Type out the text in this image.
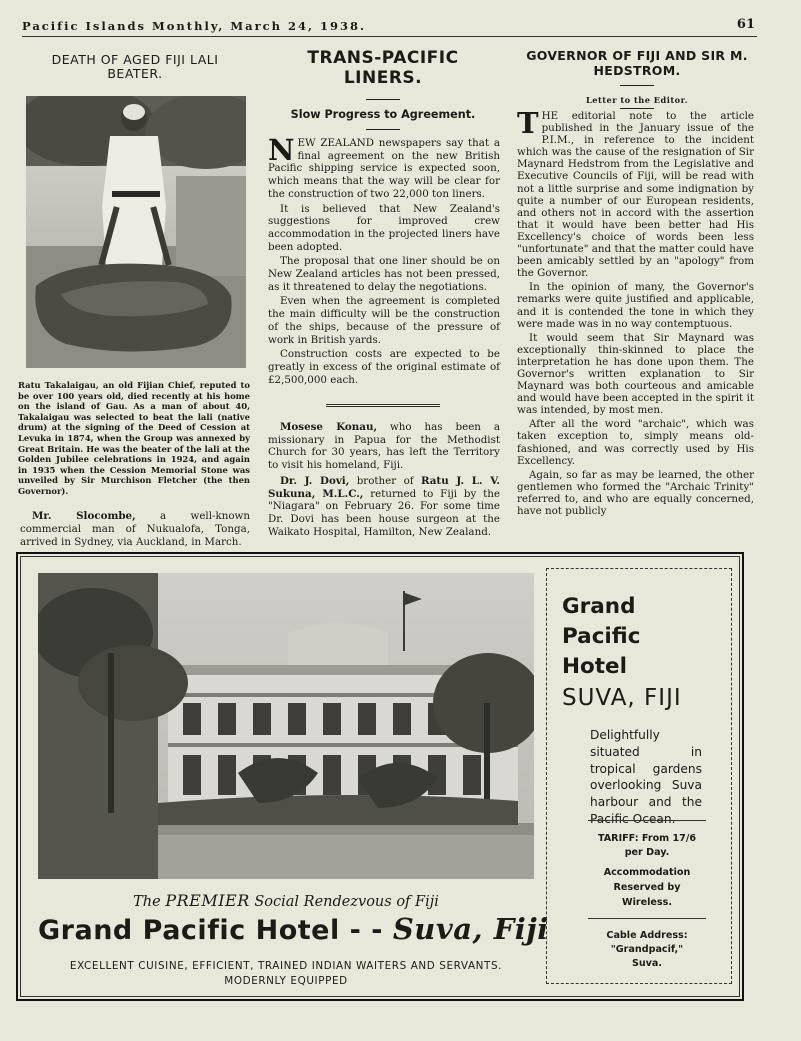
Pacific Islands Monthly, March 24, 1938.	61
DEATH OF AGED FIJI LALI BEATER.
Ratu Takalaigau, an old Fijian Chief, reputed to be over 100 years old, died recently at his home on the island of Gau. As a man of about 40, Takalaigau was selected to beat the lali (native drum) at the signing of the Deed of Cession at Levuka in 1874, when the Group was annexed by Great Britain. He was the beater of the lali at the Golden Jubilee celebrations in 1924, and again in 1935 when the Cession Memorial Stone was unveiled by Sir Murchison Fletcher (the then Governor).
Mr. Slocombe, a well-known commercial man of Nukualofa, Tonga, arrived in Sydney, via Auckland, in March.
TRANS-PACIFIC LINERS.
Slow Progress to Agreement.

NEW ZEALAND newspapers say that a final agreement on the new British Pacific shipping service is expected soon, which means that the way will be clear for the construction of two 22,000 ton liners.

It is believed that New Zealand's suggestions for improved crew accommodation in the projected liners have been adopted.

The proposal that one liner should be on New Zealand articles has not been pressed, as it threatened to delay the negotiations.

Even when the agreement is completed the main difficulty will be the construction of the ships, because of the pressure of work in British yards.

Construction costs are expected to be greatly in excess of the original estimate of £2,500,000 each.

Mosese Konau, who has been a missionary in Papua for the Methodist Church for 30 years, has left the Territory to visit his homeland, Fiji.

Dr. J. Dovi, brother of Ratu J. L. V. Sukuna, M.L.C., returned to Fiji by the "Niagara" on February 26. For some time Dr. Dovi has been house surgeon at the Waikato Hospital, Hamilton, New Zealand.

GOVERNOR OF FIJI AND SIR M. HEDSTROM.
Letter to the Editor.

THE editorial note to the article published in the January issue of the P.I.M., in reference to the incident which was the cause of the resignation of Sir Maynard Hedstrom from the Legislative and Executive Councils of Fiji, will be read with not a little surprise and some indignation by quite a number of our European residents, and others not in accord with the assertion that it would have been better had His Excellency's choice of words been less "unfortunate" and that the matter could have been amicably settled by an "apology" from the Governor.

In the opinion of many, the Governor's remarks were quite justified and applicable, and it is contended the tone in which they were made was in no way contemptuous.

It would seem that Sir Maynard was exceptionally thin-skinned to place the interpretation he has done upon them. The Governor's written explanation to Sir Maynard was both courteous and amicable and would have been accepted in the spirit it was intended, by most men.

After all the word "archaic", which was taken exception to, simply means old-fashioned, and was correctly used by His Excellency.

Again, so far as may be learned, the other gentlemen who formed the "Archaic Trinity" referred to, and who are equally concerned, have not publicly

The PREMIER Social Rendezvous of Fiji
Grand Pacific Hotel - - Suva, Fiji
EXCELLENT CUISINE, EFFICIENT, TRAINED INDIAN WAITERS AND SERVANTS.
MODERNLY EQUIPPED
Grand
Pacific
Hotel
SUVA, FIJI
Delightfully situated in tropical gardens overlooking Suva harbour and the Pacific Ocean.
TARIFF: From 17/6
per Day.
Accommodation
Reserved by
Wireless.
Cable Address:
"Grandpacif,"
Suva.
